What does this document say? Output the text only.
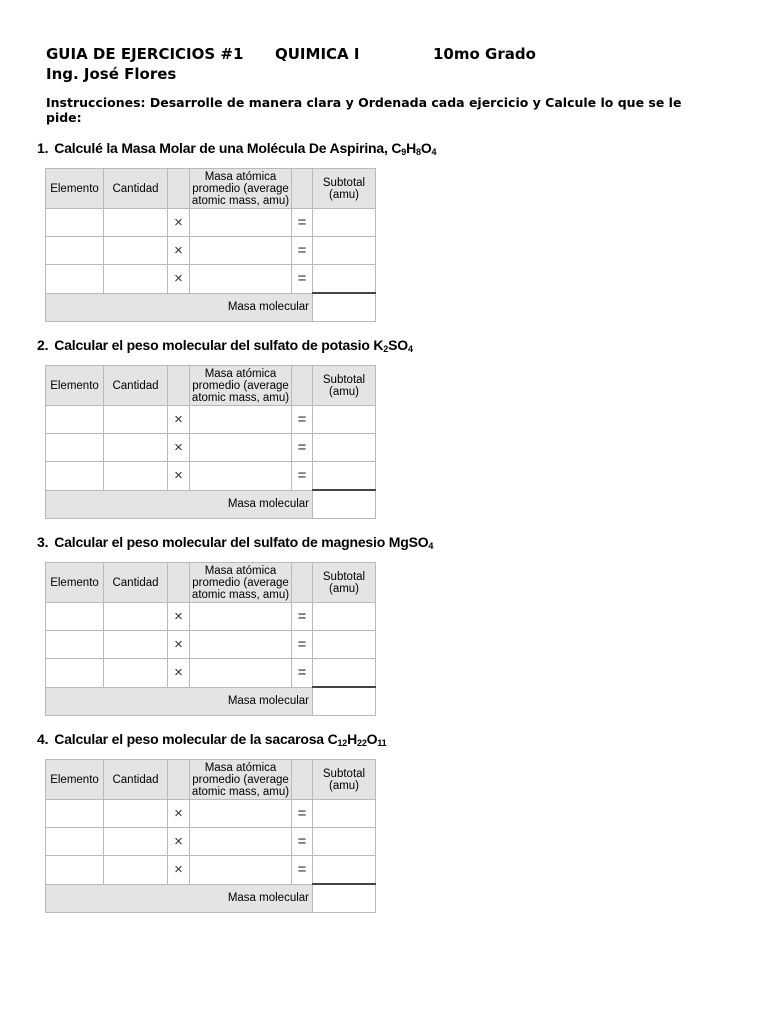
GUIA DE EJERCICIOS #1 QUIMICA I	10mo Grado
Ing. José Flores
Instrucciones: Desarrolle de manera clara y Ordenada cada ejercicio y Calcule lo que se le pide:
1. Calculé la Masa Molar de una Molécula De Aspirina, $C_9H_8O_4$
Elemento	Cantidad		Masa atómica promedio (average atomic mass, amu)		Subtotal (amu)
		×		=	
		×		=	
		×		=	
Masa molecular					
2. Calcular el peso molecular del sulfato de potasio $K_2SO_4$
Elemento	Cantidad		Masa atómica promedio (average atomic mass, amu)		Subtotal (amu)
		×		=	
		×		=	
		×		=	
Masa molecular					
3. Calcular el peso molecular del sulfato de magnesio MgSO$_4$
Elemento	Cantidad		Masa atómica promedio (average atomic mass, amu)		Subtotal (amu)
		×		=	
		×		=	
		×		=	
Masa molecular					
4. Calcular el peso molecular de la sacarosa $C_{12}H_{22}O_{11}$
Elemento	Cantidad		Masa atómica promedio (average atomic mass, amu)		Subtotal (amu)
		×		=	
		×		=	
		×		=	
Masa molecular					
